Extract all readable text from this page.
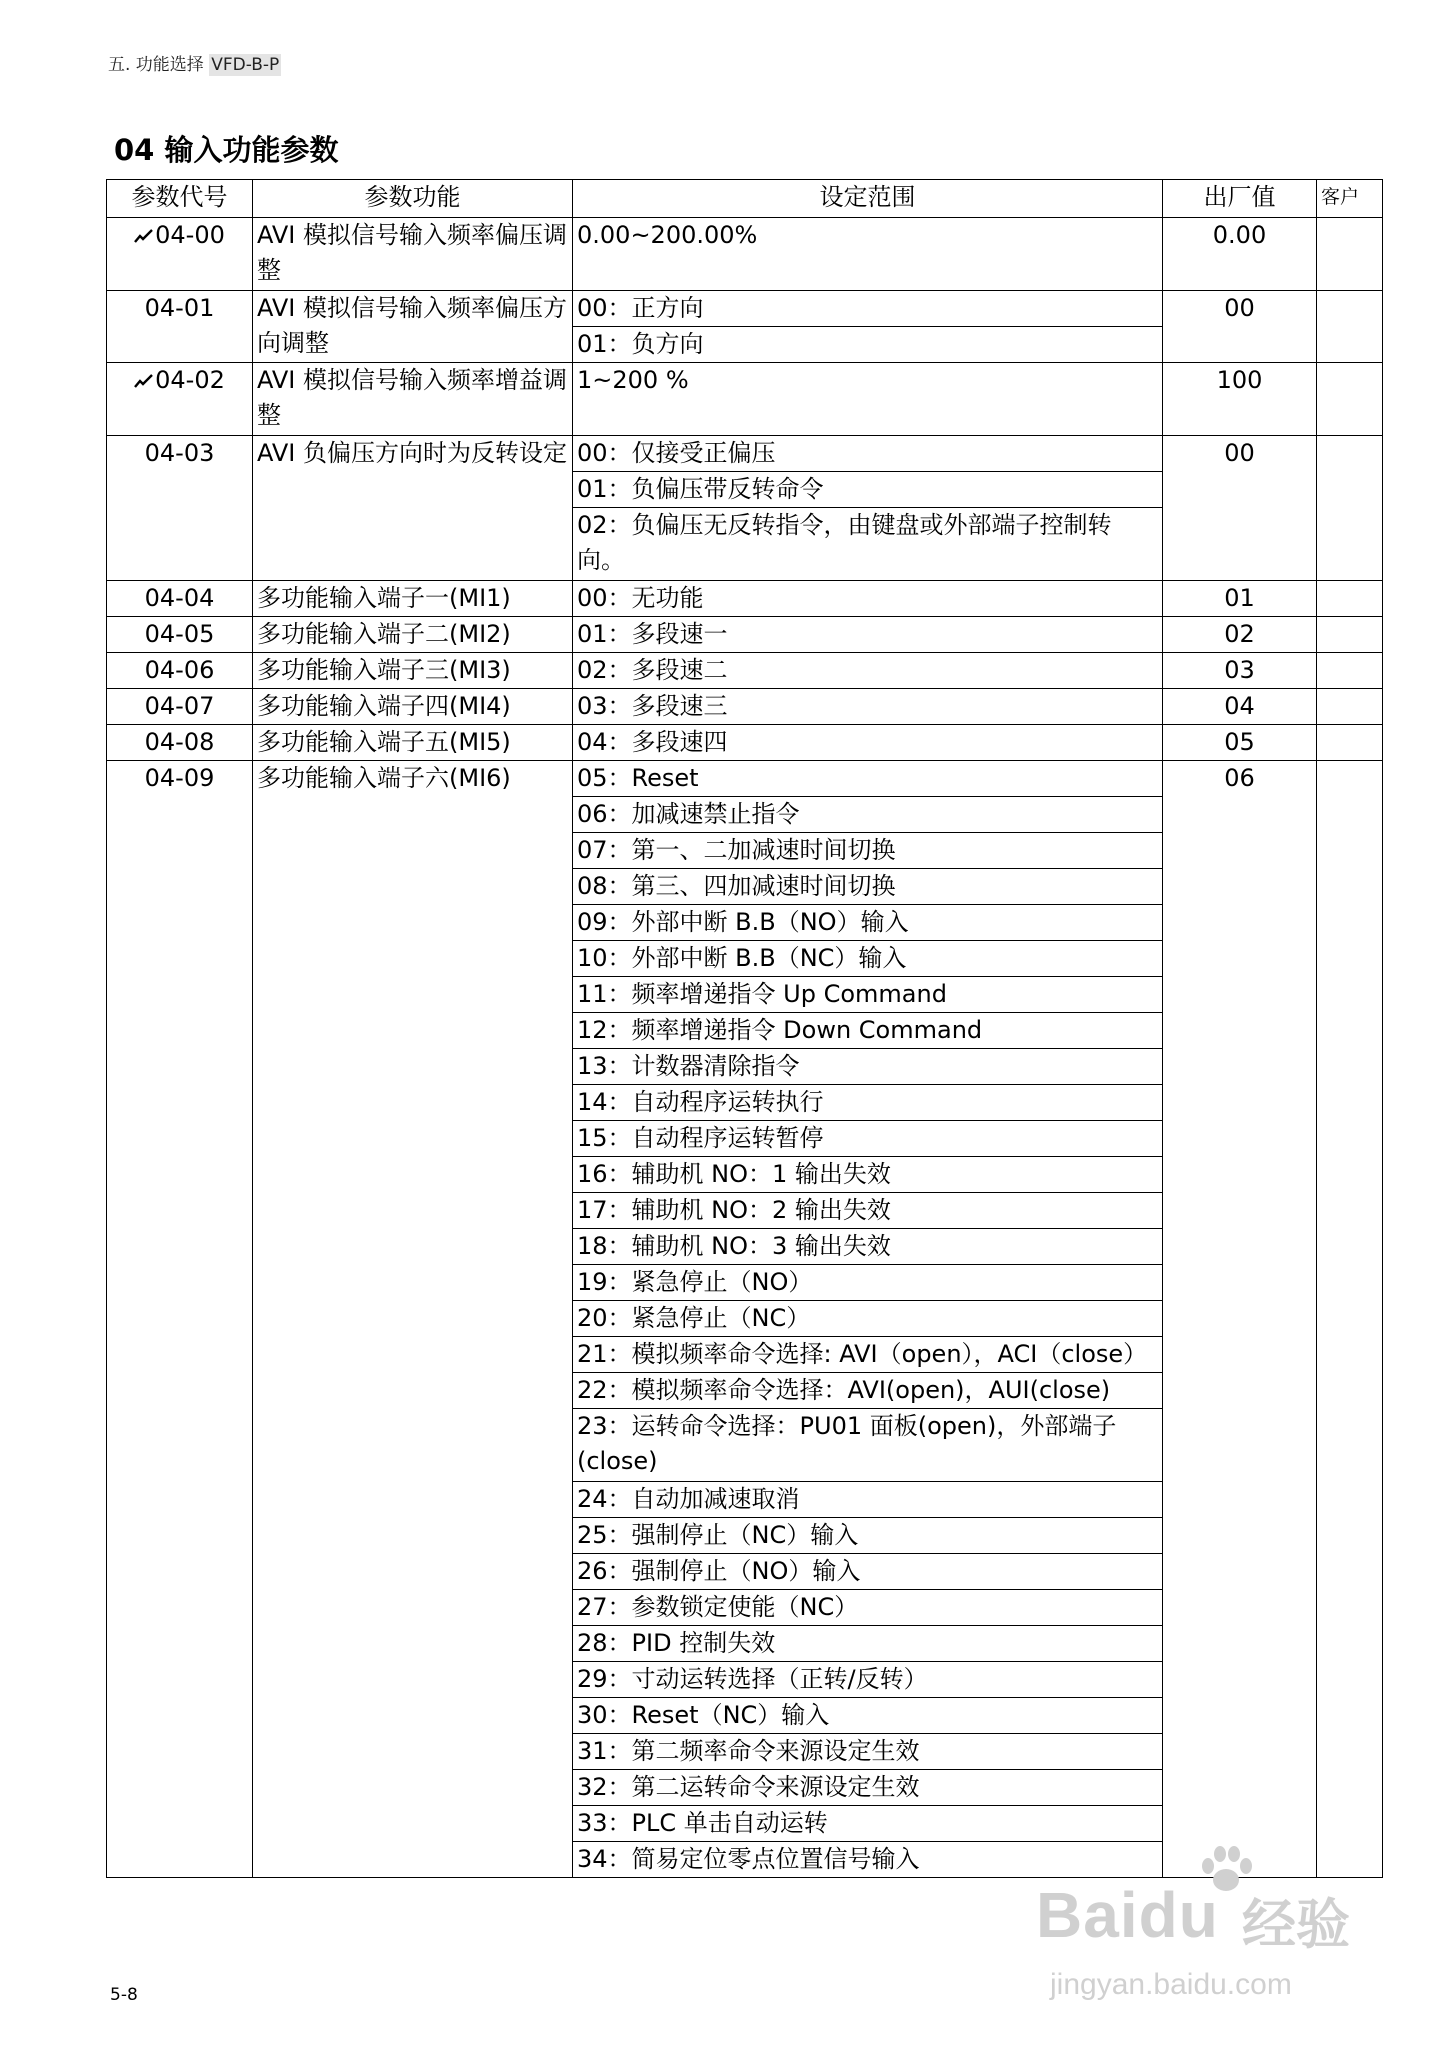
五. 功能选择 VFD-B-P
04 输入功能参数
参数代号	参数功能	设定范围	出厂值	客户
04-00	AVI 模拟信号输入频率偏压调整	0.00~200.00%	0.00	
04-01	AVI 模拟信号输入频率偏压方向调整	00：正方向	00	
		01：负方向		
04-02	AVI 模拟信号输入频率增益调整	1~200 %	100	
04-03	AVI 负偏压方向时为反转设定	00：仅接受正偏压	00	
		01：负偏压带反转命令		
		02：负偏压无反转指令，由键盘或外部端子控制转向。		
04-04	多功能输入端子一(MI1)	00：无功能	01	
04-05	多功能输入端子二(MI2)	01：多段速一	02	
04-06	多功能输入端子三(MI3)	02：多段速二	03	
04-07	多功能输入端子四(MI4)	03：多段速三	04	
04-08	多功能输入端子五(MI5)	04：多段速四	05	
04-09	多功能输入端子六(MI6)	05：Reset	06	
		06：加减速禁止指令		
		07：第一、二加减速时间切换		
		08：第三、四加减速时间切换		
		09：外部中断 B.B（NO）输入		
		10：外部中断 B.B（NC）输入		
		11：频率增递指令 Up Command		
		12：频率增递指令 Down Command		
		13：计数器清除指令		
		14：自动程序运转执行		
		15：自动程序运转暂停		
		16：辅助机 NO：1 输出失效		
		17：辅助机 NO：2 输出失效		
		18：辅助机 NO：3 输出失效		
		19：紧急停止（NO）		
		20：紧急停止（NC）		
		21：模拟频率命令选择: AVI（open），ACI（close）		
		22：模拟频率命令选择：AVI(open)，AUI(close)		
		23：运转命令选择：PU01 面板(open)，外部端子(close)		
		24：自动加减速取消		
		25：强制停止（NC）输入		
		26：强制停止（NO）输入		
		27：参数锁定使能（NC）		
		28：PID 控制失效		
		29：寸动运转选择（正转/反转）		
		30：Reset（NC）输入		
		31：第二频率命令来源设定生效		
		32：第二运转命令来源设定生效		
		33：PLC 单击自动运转		
		34：简易定位零点位置信号输入		
5-8
Baidu 经验
jingyan.baidu.com
